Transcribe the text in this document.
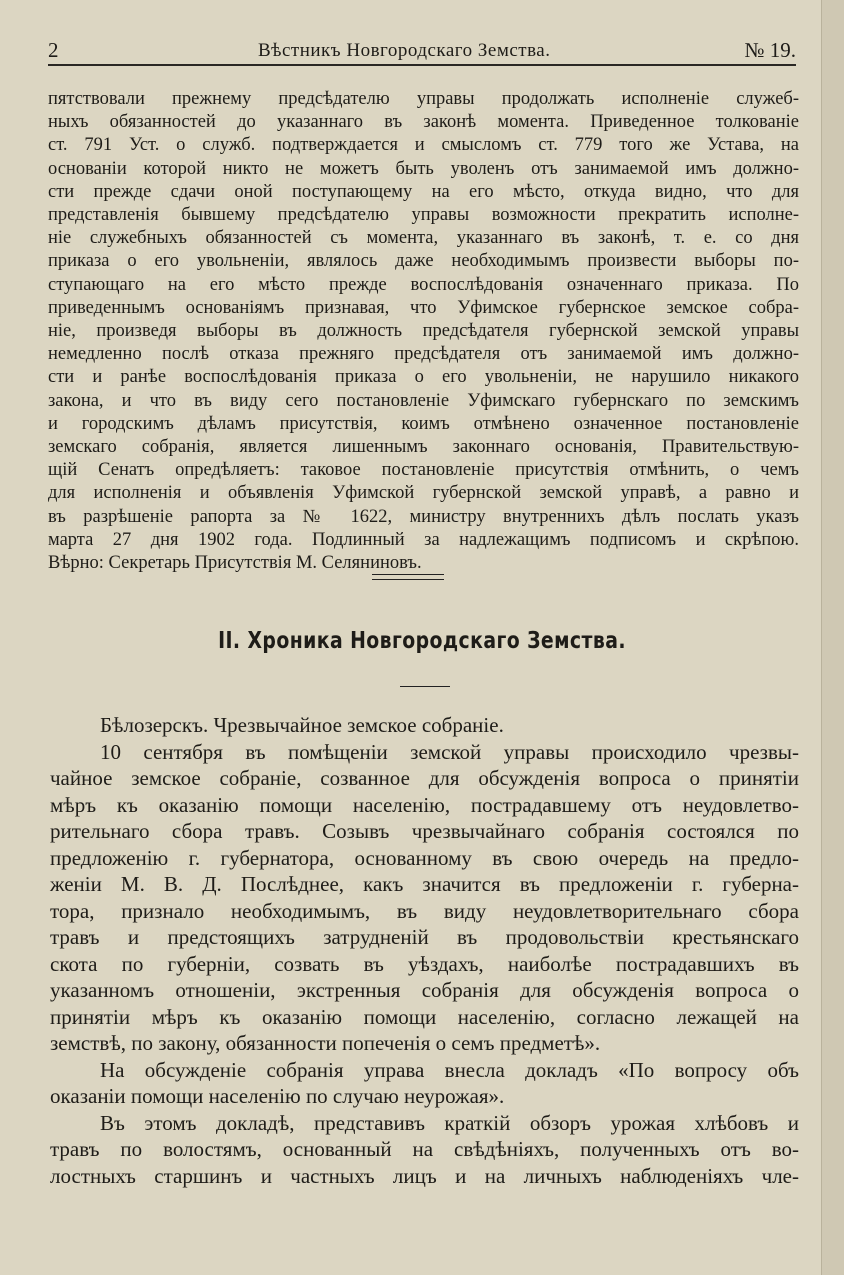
2	Вѣстникъ Новгородскаго Земства.	№ 19.
пятствовали прежнему предсѣдателю управы продолжать исполненіе служеб-
ныхъ обязанностей до указаннаго въ законѣ момента. Приведенное толкованіе
ст. 791 Уст. о служб. подтверждается и смысломъ ст. 779 того же Устава, на
основаніи которой никто не можетъ быть уволенъ отъ занимаемой имъ должно-
сти прежде сдачи оной поступающему на его мѣсто, откуда видно, что для
представленія бывшему предсѣдателю управы возможности прекратить исполне-
ніе служебныхъ обязанностей съ момента, указаннаго въ законѣ, т. е. со дня
приказа о его увольненіи, являлось даже необходимымъ произвести выборы по-
ступающаго на его мѣсто прежде воспослѣдованія означеннаго приказа. По
приведеннымъ основаніямъ признавая, что Уфимское губернское земское собра-
ніе, произведя выборы въ должность предсѣдателя губернской земской управы
немедленно послѣ отказа прежняго предсѣдателя отъ занимаемой имъ должно-
сти и ранѣе воспослѣдованія приказа о его увольненіи, не нарушило никакого
закона, и что въ виду сего постановленіе Уфимскаго губернскаго по земскимъ
и городскимъ дѣламъ присутствія, коимъ отмѣнено означенное постановленіе
земскаго собранія, является лишеннымъ законнаго основанія, Правительствую-
щій Сенатъ опредѣляетъ: таковое постановленіе присутствія отмѣнить, о чемъ
для исполненія и объявленія Уфимской губернской земской управѣ, а равно и
въ разрѣшеніе рапорта за № 1622, министру внутреннихъ дѣлъ послать указъ
марта 27 дня 1902 года. Подлинный за надлежащимъ подписомъ и скрѣпою.
Вѣрно: Секретарь Присутствія М. Селяниновъ.
II. Хроника Новгородскаго Земства.
Бѣлозерскъ. Чрезвычайное земское собраніе.
10 сентября въ помѣщеніи земской управы происходило чрезвы-
чайное земское собраніе, созванное для обсужденія вопроса о принятіи
мѣръ къ оказанію помощи населенію, пострадавшему отъ неудовлетво-
рительнаго сбора травъ. Созывъ чрезвычайнаго собранія состоялся по
предложенію г. губернатора, основанному въ свою очередь на предло-
женіи М. В. Д. Послѣднее, какъ значится въ предложеніи г. губерна-
тора, признало необходимымъ, въ виду неудовлетворительнаго сбора
травъ и предстоящихъ затрудненій въ продовольствіи крестьянскаго
скота по губерніи, созвать въ уѣздахъ, наиболѣе пострадавшихъ въ
указанномъ отношеніи, экстренныя собранія для обсужденія вопроса о
принятіи мѣръ къ оказанію помощи населенію, согласно лежащей на
земствѣ, по закону, обязанности попеченія о семъ предметѣ».
На обсужденіе собранія управа внесла докладъ «По вопросу объ
оказаніи помощи населенію по случаю неурожая».
Въ этомъ докладѣ, представивъ краткій обзоръ урожая хлѣбовъ и
травъ по волостямъ, основанный на свѣдѣніяхъ, полученныхъ отъ во-
лостныхъ старшинъ и частныхъ лицъ и на личныхъ наблюденіяхъ чле-
